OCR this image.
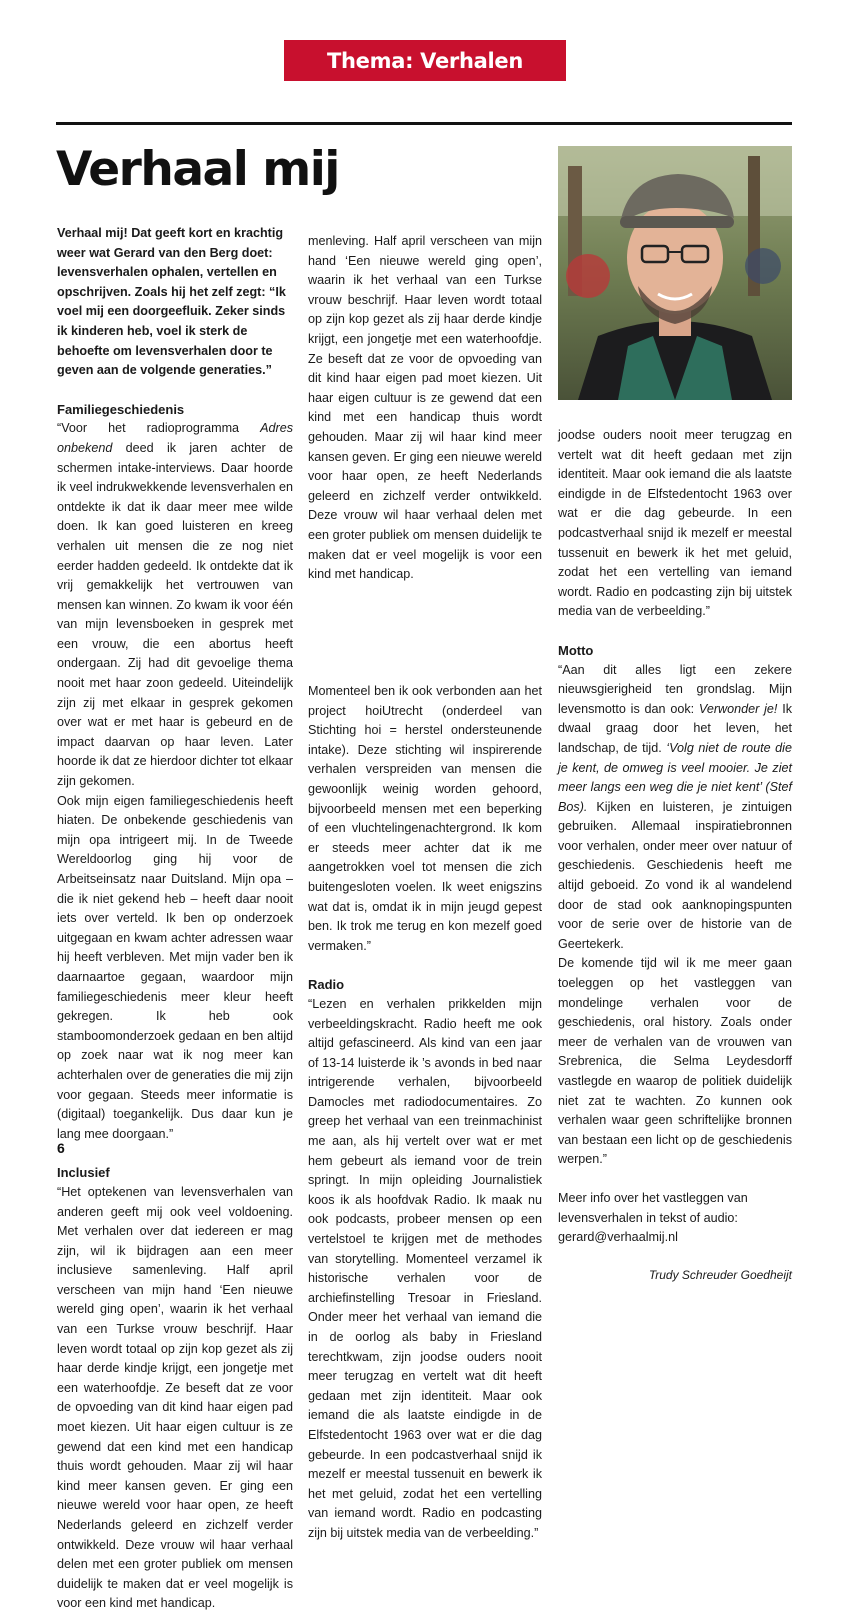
Thema: Verhalen
Verhaal mij

Verhaal mij! Dat geeft kort en krachtig weer wat Gerard van den Berg doet: levensverhalen ophalen, vertellen en opschrijven. Zoals hij het zelf zegt: “Ik voel mij een doorgeefluik. Zeker sinds ik kinderen heb, voel ik sterk de behoefte om levensverhalen door te geven aan de volgende generaties.”

Familiegeschiedenis

“Voor het radioprogramma Adres onbekend deed ik jaren achter de schermen intake-interviews. Daar hoorde ik veel indrukwekkende levensverhalen en ontdekte ik dat ik daar meer mee wilde doen. Ik kan goed luisteren en kreeg verhalen uit mensen die ze nog niet eerder hadden gedeeld. Ik ontdekte dat ik vrij gemakkelijk het vertrouwen van mensen kan winnen. Zo kwam ik voor één van mijn levensboeken in gesprek met een vrouw, die een abortus heeft ondergaan. Zij had dit gevoelige thema nooit met haar zoon gedeeld. Uiteindelijk zijn zij met elkaar in gesprek gekomen over wat er met haar is gebeurd en de impact daarvan op haar leven. Later hoorde ik dat ze hierdoor dichter tot elkaar zijn gekomen.

Ook mijn eigen familiegeschiedenis heeft hiaten. De onbekende geschiedenis van mijn opa intrigeert mij. In de Tweede Wereldoorlog ging hij voor de Arbeitseinsatz naar Duitsland. Mijn opa – die ik niet gekend heb – heeft daar nooit iets over verteld. Ik ben op onderzoek uitgegaan en kwam achter adressen waar hij heeft verbleven. Met mijn vader ben ik daarnaartoe gegaan, waardoor mijn familiegeschiedenis meer kleur heeft gekregen. Ik heb ook stamboomonderzoek gedaan en ben altijd op zoek naar wat ik nog meer kan achterhalen over de generaties die mij zijn voor gegaan. Steeds meer informatie is (digitaal) toegankelijk. Dus daar kun je lang mee doorgaan.”

Inclusief

“Het optekenen van levensverhalen van anderen geeft mij ook veel voldoening. Met verhalen over dat iedereen er mag zijn, wil ik bijdragen aan een meer inclusieve samenleving. Half april verscheen van mijn hand ‘Een nieuwe wereld ging open’, waarin ik het verhaal van een Turkse vrouw beschrijf. Haar leven wordt totaal op zijn kop gezet als zij haar derde kindje krijgt, een jongetje met een waterhoofdje. Ze beseft dat ze voor de opvoeding van dit kind haar eigen pad moet kiezen. Uit haar eigen cultuur is ze gewend dat een kind met een handicap thuis wordt gehouden. Maar zij wil haar kind meer kansen geven. Er ging een nieuwe wereld voor haar open, ze heeft Nederlands geleerd en zichzelf verder ontwikkeld. Deze vrouw wil haar verhaal delen met een groter publiek om mensen duidelijk te maken dat er veel mogelijk is voor een kind met handicap.

menleving. Half april verscheen van mijn hand ‘Een nieuwe wereld ging open’, waarin ik het verhaal van een Turkse vrouw beschrijf. Haar leven wordt totaal op zijn kop gezet als zij haar derde kindje krijgt, een jongetje met een waterhoofdje. Ze beseft dat ze voor de opvoeding van dit kind haar eigen pad moet kiezen. Uit haar eigen cultuur is ze gewend dat een kind met een handicap thuis wordt gehouden. Maar zij wil haar kind meer kansen geven. Er ging een nieuwe wereld voor haar open, ze heeft Nederlands geleerd en zichzelf verder ontwikkeld. Deze vrouw wil haar verhaal delen met een groter publiek om mensen duidelijk te maken dat er veel mogelijk is voor een kind met handicap.

Momenteel ben ik ook verbonden aan het project hoiUtrecht (onderdeel van Stichting hoi = herstel ondersteunende intake). Deze stichting wil inspirerende verhalen verspreiden van mensen die gewoonlijk weinig worden gehoord, bijvoorbeeld mensen met een beperking of een vluchtelingenachtergrond. Ik kom er steeds meer achter dat ik me aangetrokken voel tot mensen die zich buitengesloten voelen. Ik weet enigszins wat dat is, omdat ik in mijn jeugd gepest ben. Ik trok me terug en kon mezelf goed vermaken.”

Radio

“Lezen en verhalen prikkelden mijn verbeeldingskracht. Radio heeft me ook altijd gefascineerd. Als kind van een jaar of 13-14 luisterde ik ’s avonds in bed naar intrigerende verhalen, bijvoorbeeld Damocles met radiodocumentaires. Zo greep het verhaal van een treinmachinist me aan, als hij vertelt over wat er met hem gebeurt als iemand voor de trein springt. In mijn opleiding Journalistiek koos ik als hoofdvak Radio. Ik maak nu ook podcasts, probeer mensen op een vertelstoel te krijgen met de methodes van storytelling. Momenteel verzamel ik historische verhalen voor de archiefinstelling Tresoar in Friesland. Onder meer het verhaal van iemand die in de oorlog als baby in Friesland terechtkwam, zijn joodse ouders nooit meer terugzag en vertelt wat dit heeft gedaan met zijn identiteit. Maar ook iemand die als laatste eindigde in de Elfstedentocht 1963 over wat er die dag gebeurde. In een podcastverhaal snijd ik mezelf er meestal tussenuit en bewerk ik het met geluid, zodat het een vertelling van iemand wordt. Radio en podcasting zijn bij uitstek media van de verbeelding.”

joodse ouders nooit meer terugzag en vertelt wat dit heeft gedaan met zijn identiteit. Maar ook iemand die als laatste eindigde in de Elfstedentocht 1963 over wat er die dag gebeurde. In een podcastverhaal snijd ik mezelf er meestal tussenuit en bewerk ik het met geluid, zodat het een vertelling van iemand wordt. Radio en podcasting zijn bij uitstek media van de verbeelding.”

Motto

“Aan dit alles ligt een zekere nieuwsgierigheid ten grondslag. Mijn levensmotto is dan ook: Verwonder je! Ik dwaal graag door het leven, het landschap, de tijd. ‘Volg niet de route die je kent, de omweg is veel mooier. Je ziet meer langs een weg die je niet kent’ (Stef Bos). Kijken en luisteren, je zintuigen gebruiken. Allemaal inspiratiebronnen voor verhalen, onder meer over natuur of geschiedenis. Geschiedenis heeft me altijd geboeid. Zo vond ik al wandelend door de stad ook aanknopingspunten voor de serie over de historie van de Geertekerk.

De komende tijd wil ik me meer gaan toeleggen op het vastleggen van mondelinge verhalen voor de geschiedenis, oral history. Zoals onder meer de verhalen van de vrouwen van Srebrenica, die Selma Leydesdorff vastlegde en waarop de politiek duidelijk niet zat te wachten. Zo kunnen ook verhalen waar geen schriftelijke bronnen van bestaan een licht op de geschiedenis werpen.”

Meer info over het vastleggen van levensverhalen in tekst of audio: gerard@verhaalmij.nl

Trudy Schreuder Goedheijt

6
